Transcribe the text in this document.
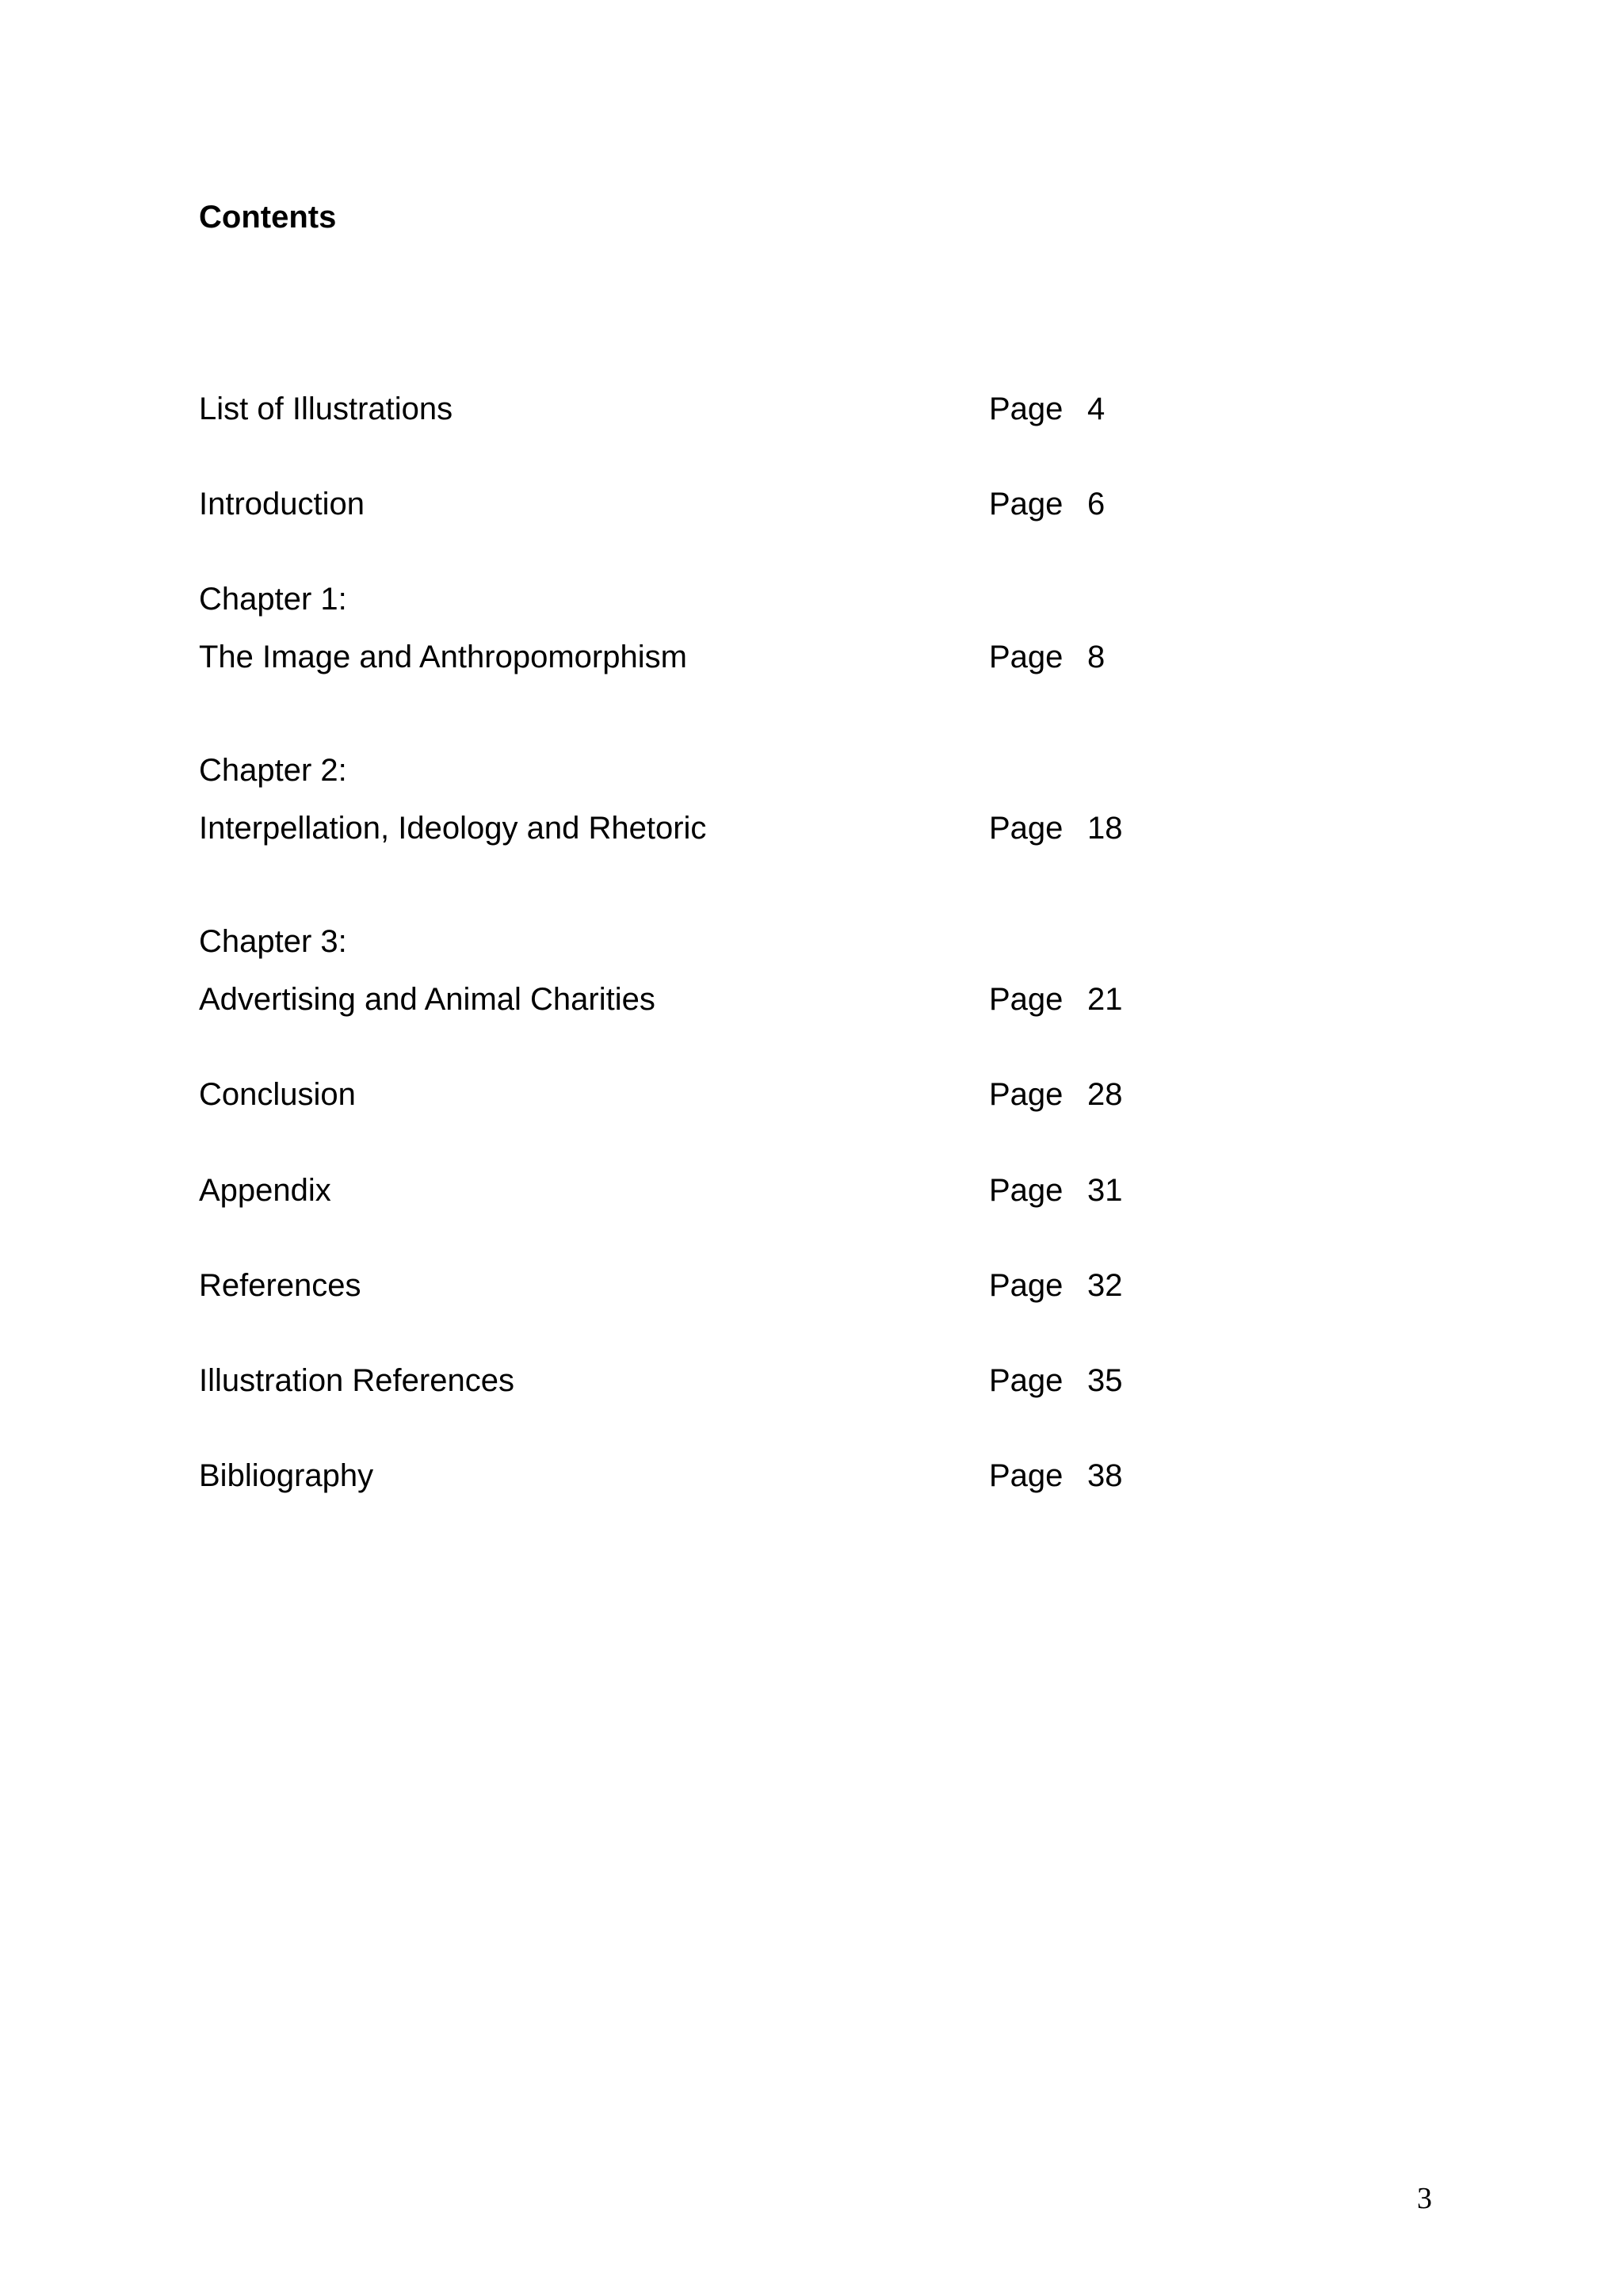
Contents
List of Illustrations	Page 4
Introduction	Page 6
Chapter 1:
The Image and Anthropomorphism	Page 8
Chapter 2:
Interpellation, Ideology and Rhetoric	Page 18
Chapter 3:
Advertising and Animal Charities	Page 21
Conclusion	Page 28
Appendix	Page 31
References	Page 32
Illustration References	Page 35
Bibliography	Page 38
3
